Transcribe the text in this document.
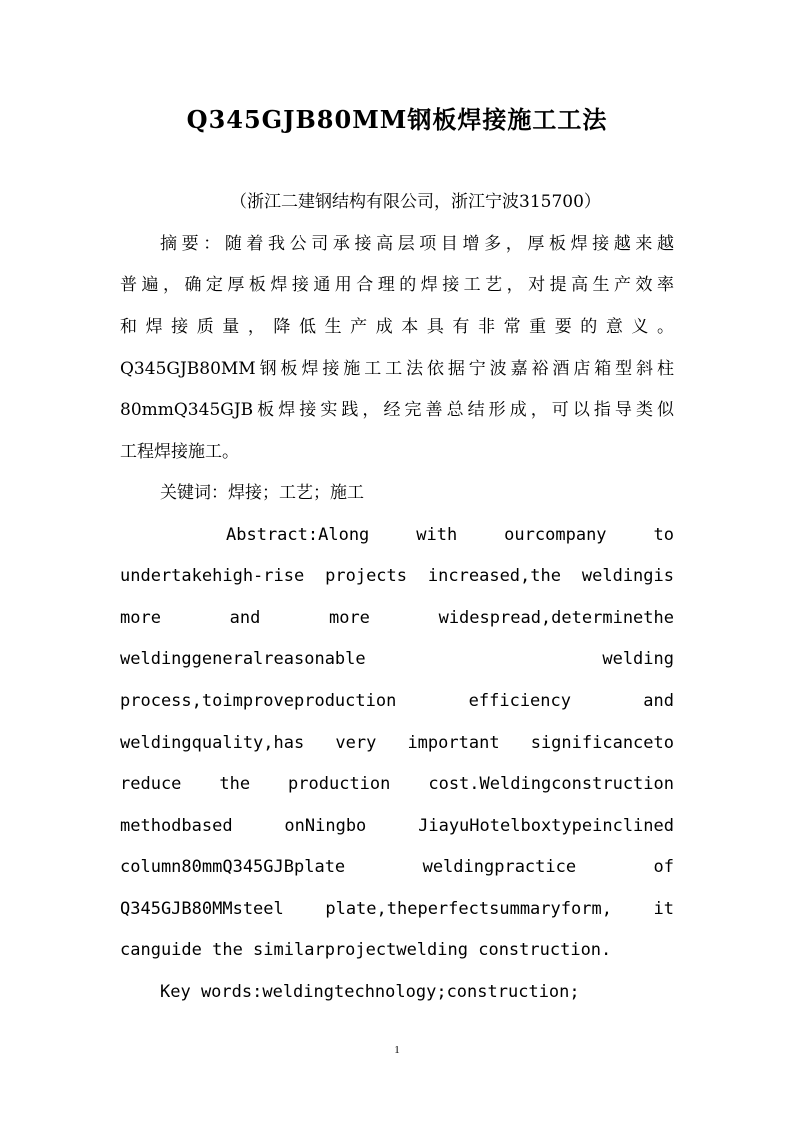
Q345GJB80MM钢板焊接施工工法
（浙江二建钢结构有限公司，浙江宁波315700）
摘要：随着我公司承接高层项目增多，厚板焊接越来越
普遍，确定厚板焊接通用合理的焊接工艺，对提高生产效率
和焊接质量，降低生产成本具有非常重要的意义。
Q345GJB80MM钢板焊接施工工法依据宁波嘉裕酒店箱型斜柱
80mmQ345GJB板焊接实践，经完善总结形成，可以指导类似
工程焊接施工。
关键词：焊接；工艺；施工
Abstract:Along with ourcompany to
undertakehigh-rise projects increased,the weldingis
more and more widespread,determinethe
weldinggeneralreasonable welding
process,toimproveproduction efficiency and
weldingquality,has very important significanceto
reduce the production cost.Weldingconstruction
methodbased onNingbo JiayuHotelboxtypeinclined
column80mmQ345GJBplate weldingpractice of
Q345GJB80MMsteel plate,theperfectsummaryform, it
canguide the similarprojectwelding construction.
Key words:weldingtechnology;construction;
1
